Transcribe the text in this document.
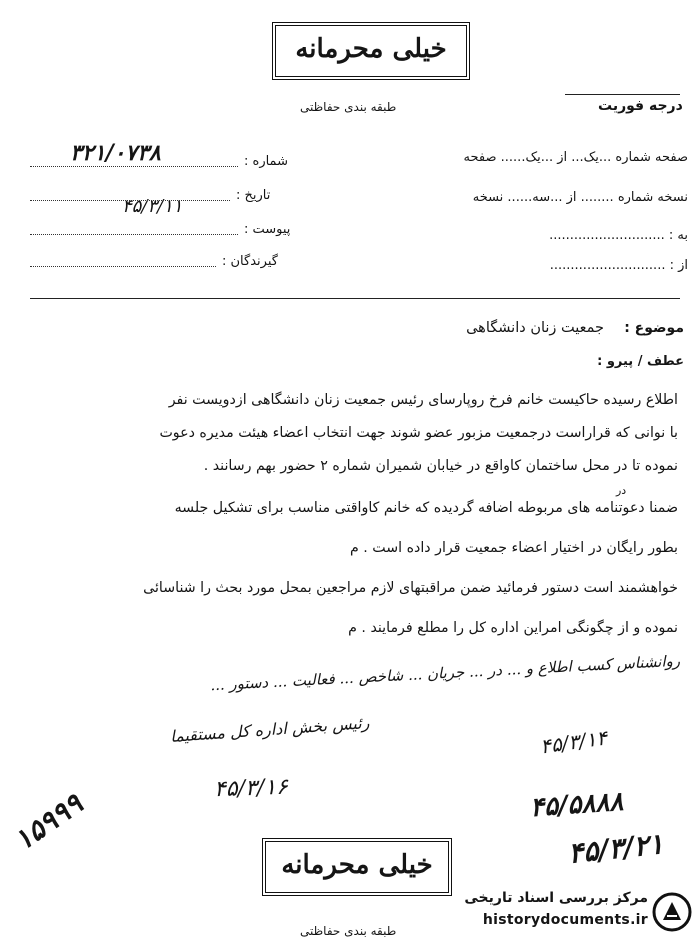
خیلی محرمانه
طبقه بندی حفاظتی	درجه فوریت
صفحه شماره ...یک... از ...یک...... صفحه
نسخه شماره ........ از ...سه...... نسخه
به : ............................
از : ............................
شماره :
۳۲۱/۰۷۳۸
تاریخ :
۴۵/۳/۱۱
پیوست :
گیرندگان :
موضوع :
جمعیت زنان دانشگاهی
عطف / پیرو :
اطلاع رسیده حاکیست خانم فرخ روپارسای رئیس جمعیت زنان دانشگاهی ازدویست نفر
با نوانی که قراراست درجمعیت مزبور عضو شوند جهت انتخاب اعضاء هیئت مدیره دعوت
نموده تا در محل ساختمان کاواقع در خیابان شمیران شماره ۲ حضور بهم رسانند .
در
ضمنا دعوتنامه های مربوطه اضافه گردیده که خانم کاواقتی مناسب برای تشکیل جلسه
بطور رایگان در اختیار اعضاء جمعیت قرار داده است . م
خواهشمند است دستور فرمائید ضمن مراقبتهای لازم مراجعین بمحل مورد بحث را شناسائی
نموده و از چگونگی امراین اداره کل را مطلع فرمایند . م
روانشناس کسب اطلاع و ... در ... جریان ... شاخص ... فعالیت ... دستور ...
رئیس بخش اداره کل مستقیما	۴۵/۳/۱۴
۴۵/۳/۱۶	۴۵/۵۸۸۸
۴۵/۳/۲۱
۱۵۹۹۹
خیلی محرمانه
طبقه بندی حفاظتی
مرکز بررسی اسناد تاریخی
historydocuments.ir
